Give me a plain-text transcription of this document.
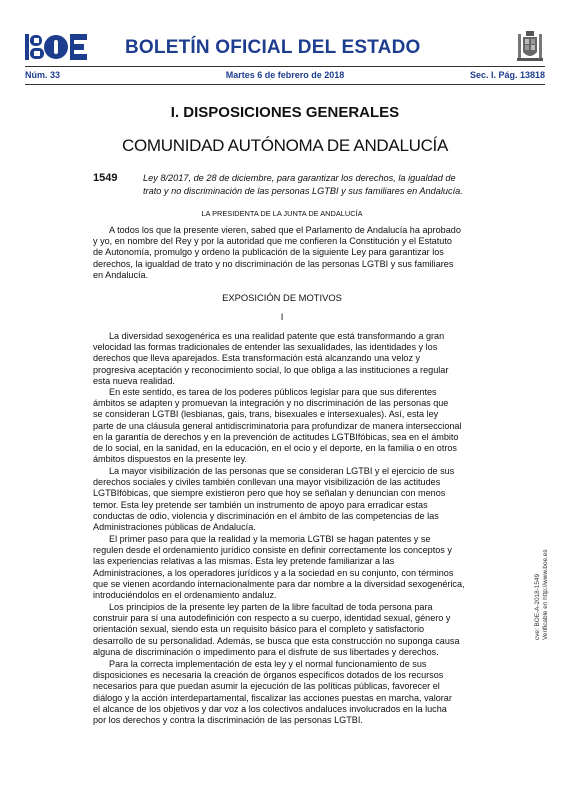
BOLETÍN OFICIAL DEL ESTADO
Núm. 33	Martes 6 de febrero de 2018	Sec. I. Pág. 13818
I. DISPOSICIONES GENERALES
COMUNIDAD AUTÓNOMA DE ANDALUCÍA
1549	Ley 8/2017, de 28 de diciembre, para garantizar los derechos, la igualdad de
trato y no discriminación de las personas LGTBI y sus familiares en Andalucía.
LA PRESIDENTA DE LA JUNTA DE ANDALUCÍA
A todos los que la presente vieren, sabed que el Parlamento de Andalucía ha aprobado
y yo, en nombre del Rey y por la autoridad que me confieren la Constitución y el Estatuto
de Autonomía, promulgo y ordeno la publicación de la siguiente Ley para garantizar los
derechos, la igualdad de trato y no discriminación de las personas LGTBI y sus familiares
en Andalucía.
EXPOSICIÓN DE MOTIVOS
I
La diversidad sexogenérica es una realidad patente que está transformando a gran
velocidad las formas tradicionales de entender las sexualidades, las identidades y los
derechos que lleva aparejados. Esta transformación está alcanzando una veloz y
progresiva aceptación y reconocimiento social, lo que obliga a las instituciones a regular
esta nueva realidad.
En este sentido, es tarea de los poderes públicos legislar para que sus diferentes
ámbitos se adapten y promuevan la integración y no discriminación de las personas que
se consideran LGTBI (lesbianas, gais, trans, bisexuales e intersexuales). Así, esta ley
parte de una cláusula general antidiscriminatoria para profundizar de manera interseccional
en la garantía de derechos y en la prevención de actitudes LGTBIfóbicas, sea en el ámbito
de lo social, en la sanidad, en la educación, en el ocio y el deporte, en la familia o en otros
ámbitos dispuestos en la presente ley.
La mayor visibilización de las personas que se consideran LGTBI y el ejercicio de sus
derechos sociales y civiles también conllevan una mayor visibilización de las actitudes
LGTBIfóbicas, que siempre existieron pero que hoy se señalan y denuncian con menos
temor. Esta ley pretende ser también un instrumento de apoyo para erradicar estas
conductas de odio, violencia y discriminación en el ámbito de las competencias de las
Administraciones públicas de Andalucía.
El primer paso para que la realidad y la memoria LGTBI se hagan patentes y se
regulen desde el ordenamiento jurídico consiste en definir correctamente los conceptos y
las experiencias relativas a las mismas. Esta ley pretende familiarizar a las
Administraciones, a los operadores jurídicos y a la sociedad en su conjunto, con términos
que se vienen acordando internacionalmente para dar nombre a la diversidad sexogenérica,
introduciéndolos en el ordenamiento andaluz.
Los principios de la presente ley parten de la libre facultad de toda persona para
construir para sí una autodefinición con respecto a su cuerpo, identidad sexual, género y
orientación sexual, siendo esta un requisito básico para el completo y satisfactorio
desarrollo de su personalidad. Además, se busca que esta construcción no suponga causa
alguna de discriminación o impedimento para el disfrute de sus libertades y derechos.
Para la correcta implementación de esta ley y el normal funcionamiento de sus
disposiciones es necesaria la creación de órganos específicos dotados de los recursos
necesarios para que puedan asumir la ejecución de las políticas públicas, favorecer el
diálogo y la acción interdepartamental, fiscalizar las acciones puestas en marcha, valorar
el alcance de los objetivos y dar voz a los colectivos andaluces involucrados en la lucha
por los derechos y contra la discriminación de las personas LGTBI.
cve: BOE-A-2018-1549 Verificable en http://www.boe.es
